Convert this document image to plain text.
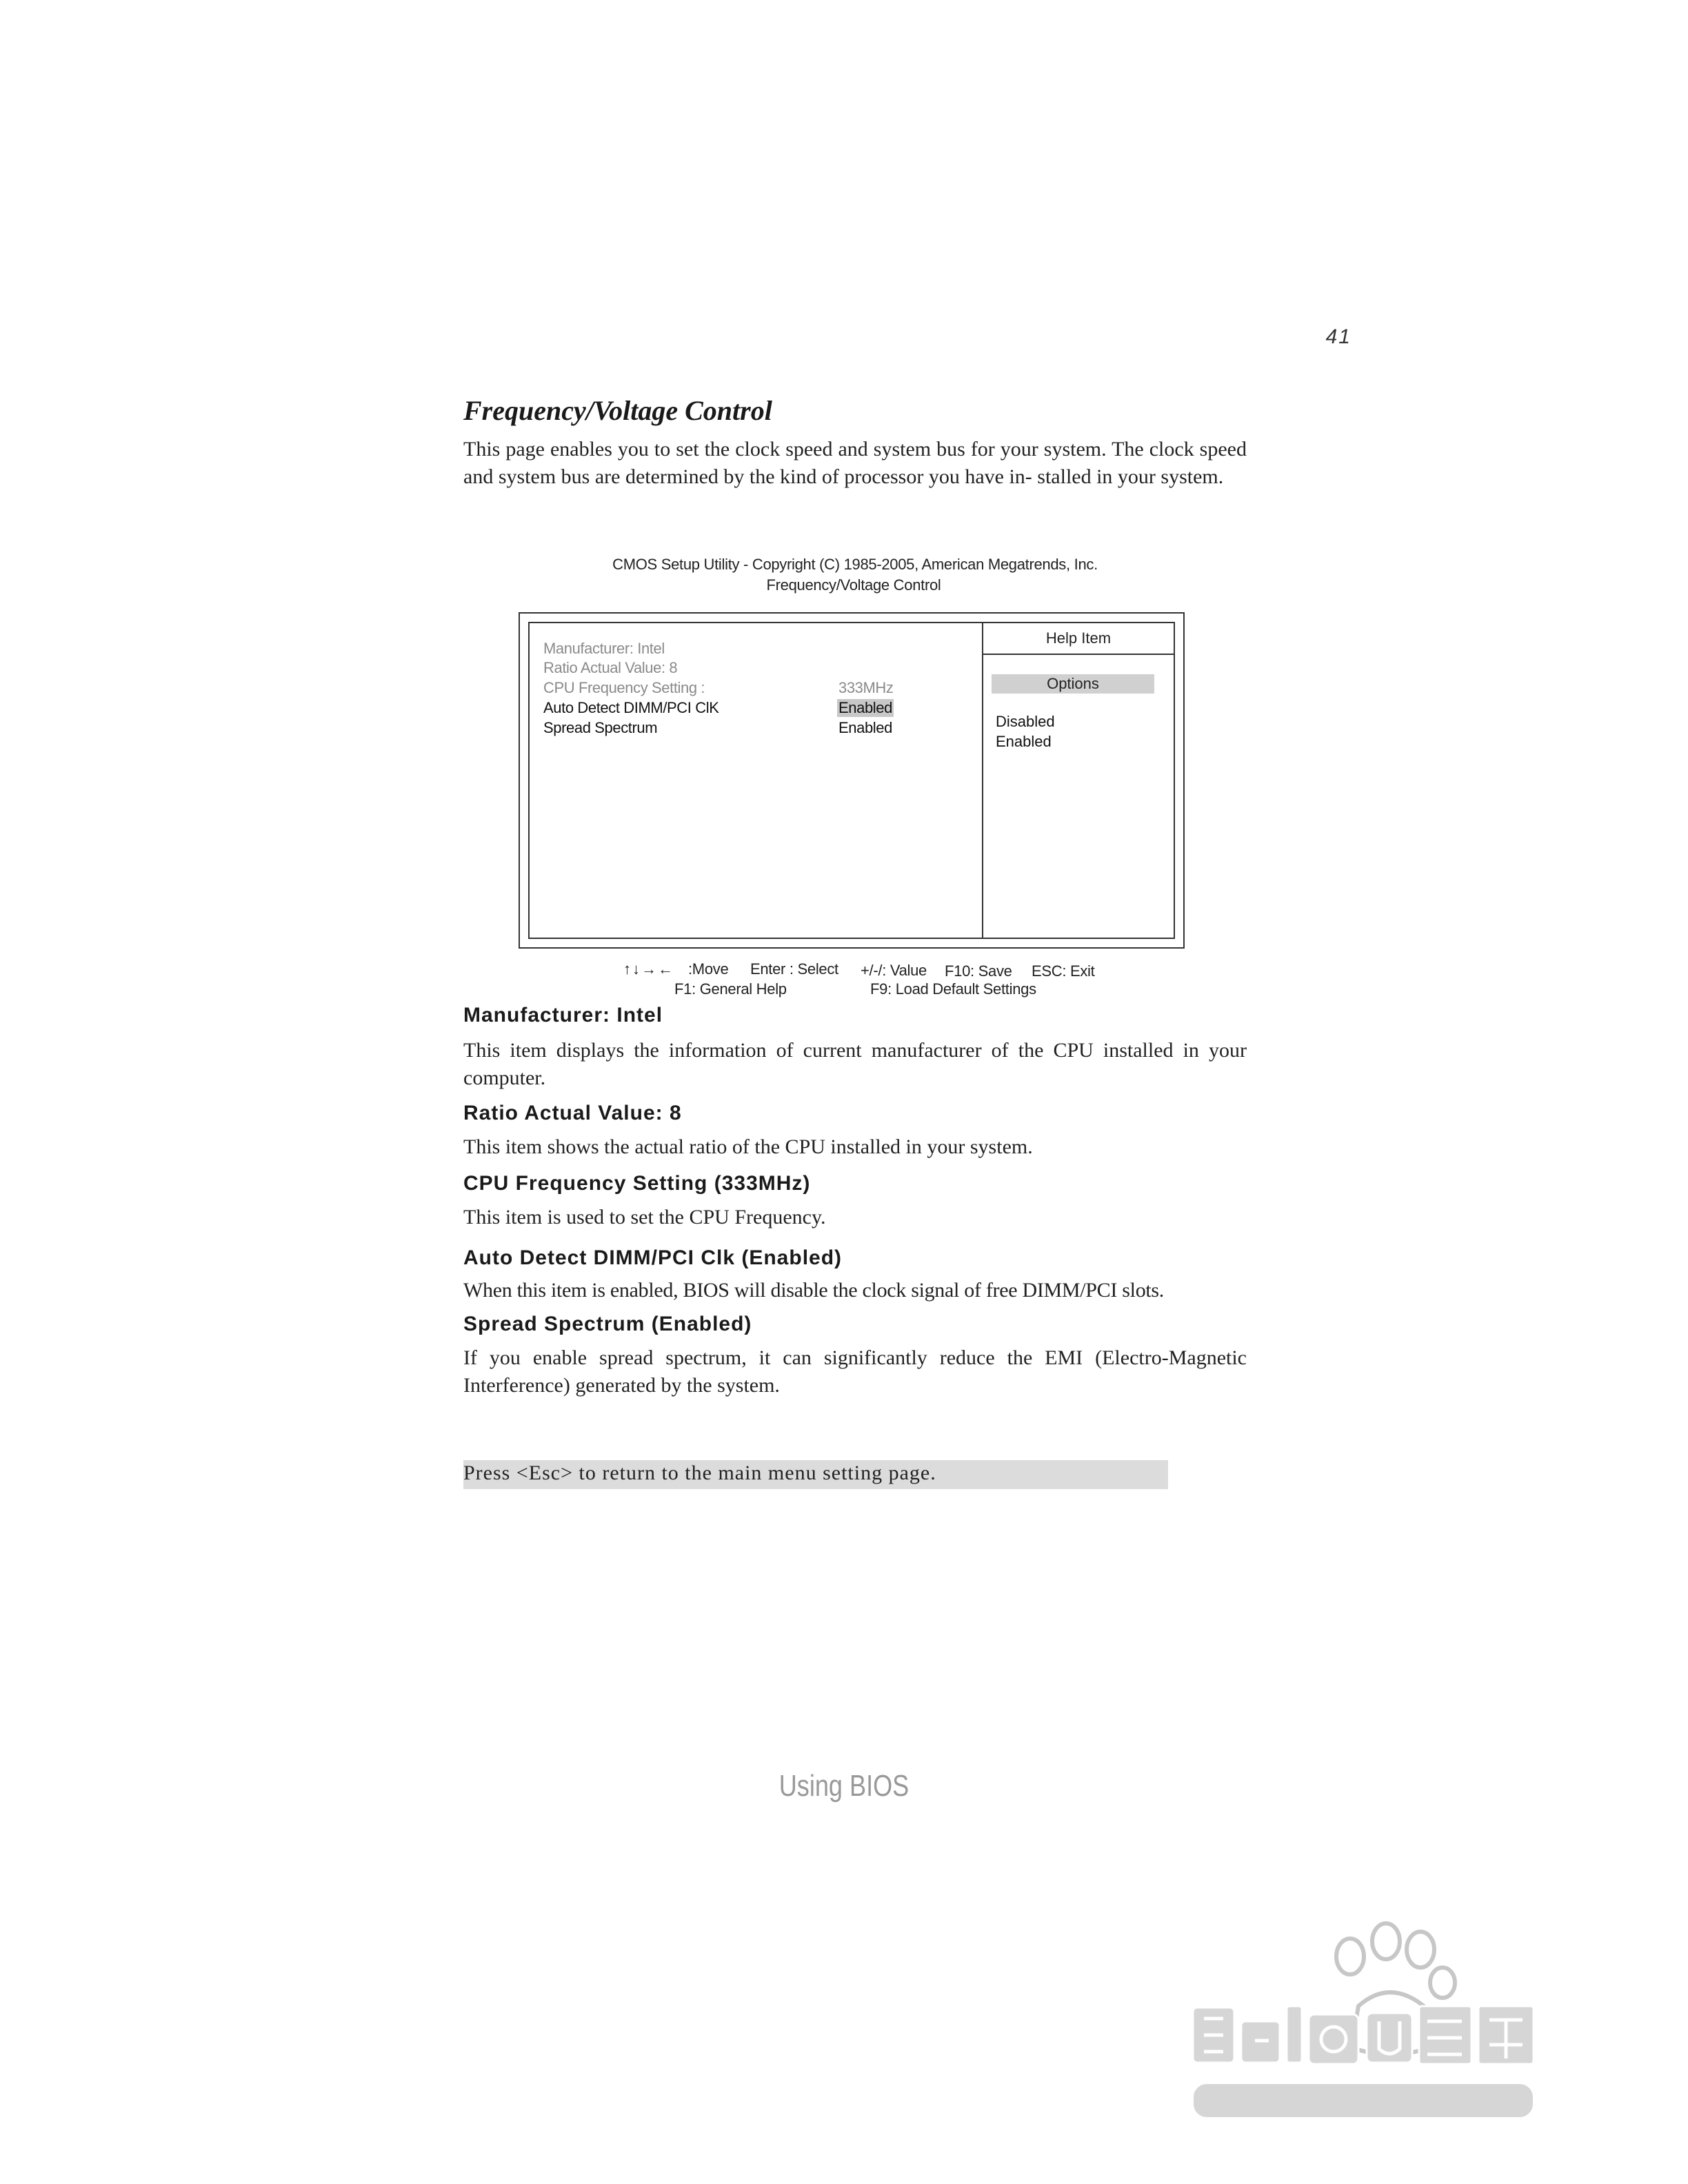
41
Frequency/Voltage Control
This page enables you to set the clock speed and system bus for your system. The clock speed and system bus are determined by the kind of processor you have in- stalled in your system.
CMOS Setup Utility - Copyright (C) 1985-2005, American Megatrends, Inc.
Frequency/Voltage Control
Manufacturer: Intel
Ratio Actual Value: 8
CPU Frequency Setting :	333MHz
Auto Detect DIMM/PCI ClK	Enabled
Spread Spectrum	Enabled
Help Item
Options
Disabled
Enabled
↑↓→← :Move Enter : Select +/-/: Value F10: Save ESC: Exit
F1: General Help	F9: Load Default Settings
Manufacturer: Intel
This item displays the information of current manufacturer of the CPU installed in your computer.
Ratio Actual Value: 8
This item shows the actual ratio of the CPU installed in your system.
CPU Frequency Setting (333MHz)
This item is used to set the CPU Frequency.
Auto Detect DIMM/PCI Clk (Enabled)
When this item is enabled, BIOS will disable the clock signal of free DIMM/PCI slots.
Spread Spectrum (Enabled)
If you enable spread spectrum, it can significantly reduce the EMI (Electro-Magnetic Interference) generated by the system.
Press <Esc> to return to the main menu setting page.
Using BIOS
